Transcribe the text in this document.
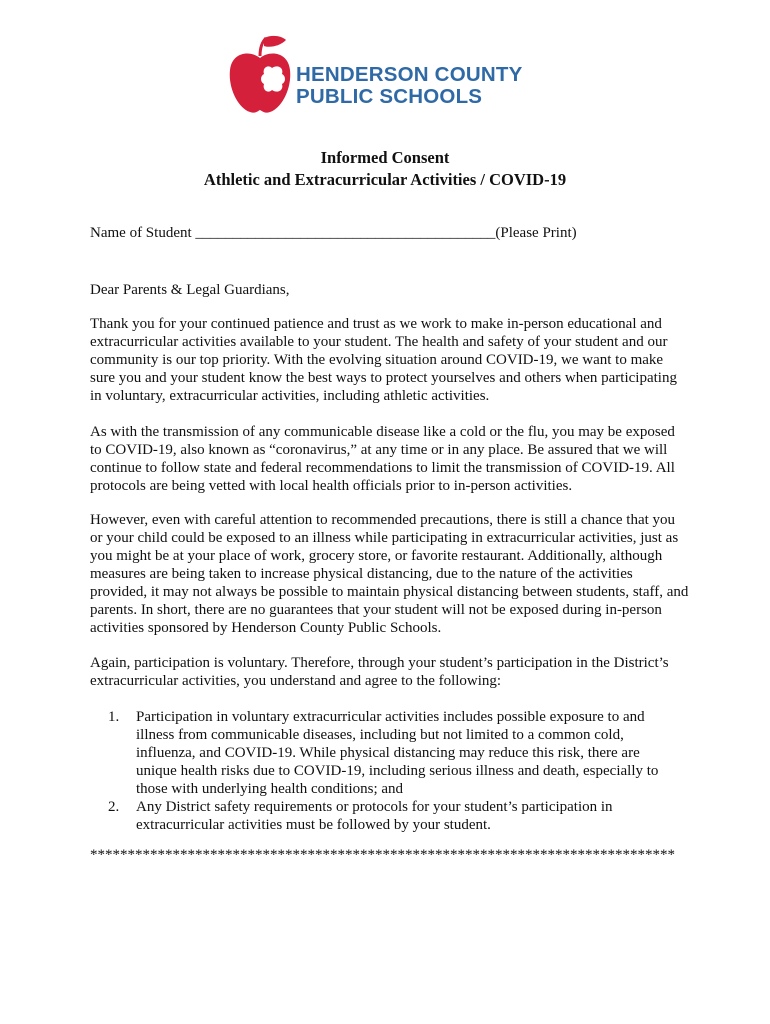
HENDERSON COUNTY
PUBLIC SCHOOLS
Informed Consent
Athletic and Extracurricular Activities / COVID-19
Name of Student ________________________________________(Please Print)
Dear Parents & Legal Guardians,
Thank you for your continued patience and trust as we work to make in-person educational and extracurricular activities available to your student. The health and safety of your student and our community is our top priority. With the evolving situation around COVID-19, we want to make sure you and your student know the best ways to protect yourselves and others when participating in voluntary, extracurricular activities, including athletic activities.
As with the transmission of any communicable disease like a cold or the flu, you may be exposed to COVID-19, also known as “coronavirus,” at any time or in any place. Be assured that we will continue to follow state and federal recommendations to limit the transmission of COVID-19. All protocols are being vetted with local health officials prior to in-person activities.
However, even with careful attention to recommended precautions, there is still a chance that you or your child could be exposed to an illness while participating in extracurricular activities, just as you might be at your place of work, grocery store, or favorite restaurant. Additionally, although measures are being taken to increase physical distancing, due to the nature of the activities provided, it may not always be possible to maintain physical distancing between students, staff, and parents. In short, there are no guarantees that your student will not be exposed during in-person activities sponsored by Henderson County Public Schools.
Again, participation is voluntary. Therefore, through your student’s participation in the District’s extracurricular activities, you understand and agree to the following:
1. Participation in voluntary extracurricular activities includes possible exposure to and illness from communicable diseases, including but not limited to a common cold, influenza, and COVID-19. While physical distancing may reduce this risk, there are unique health risks due to COVID-19, including serious illness and death, especially to those with underlying health conditions; and
2. Any District safety requirements or protocols for your student’s participation in extracurricular activities must be followed by your student.
******************************************************************************
